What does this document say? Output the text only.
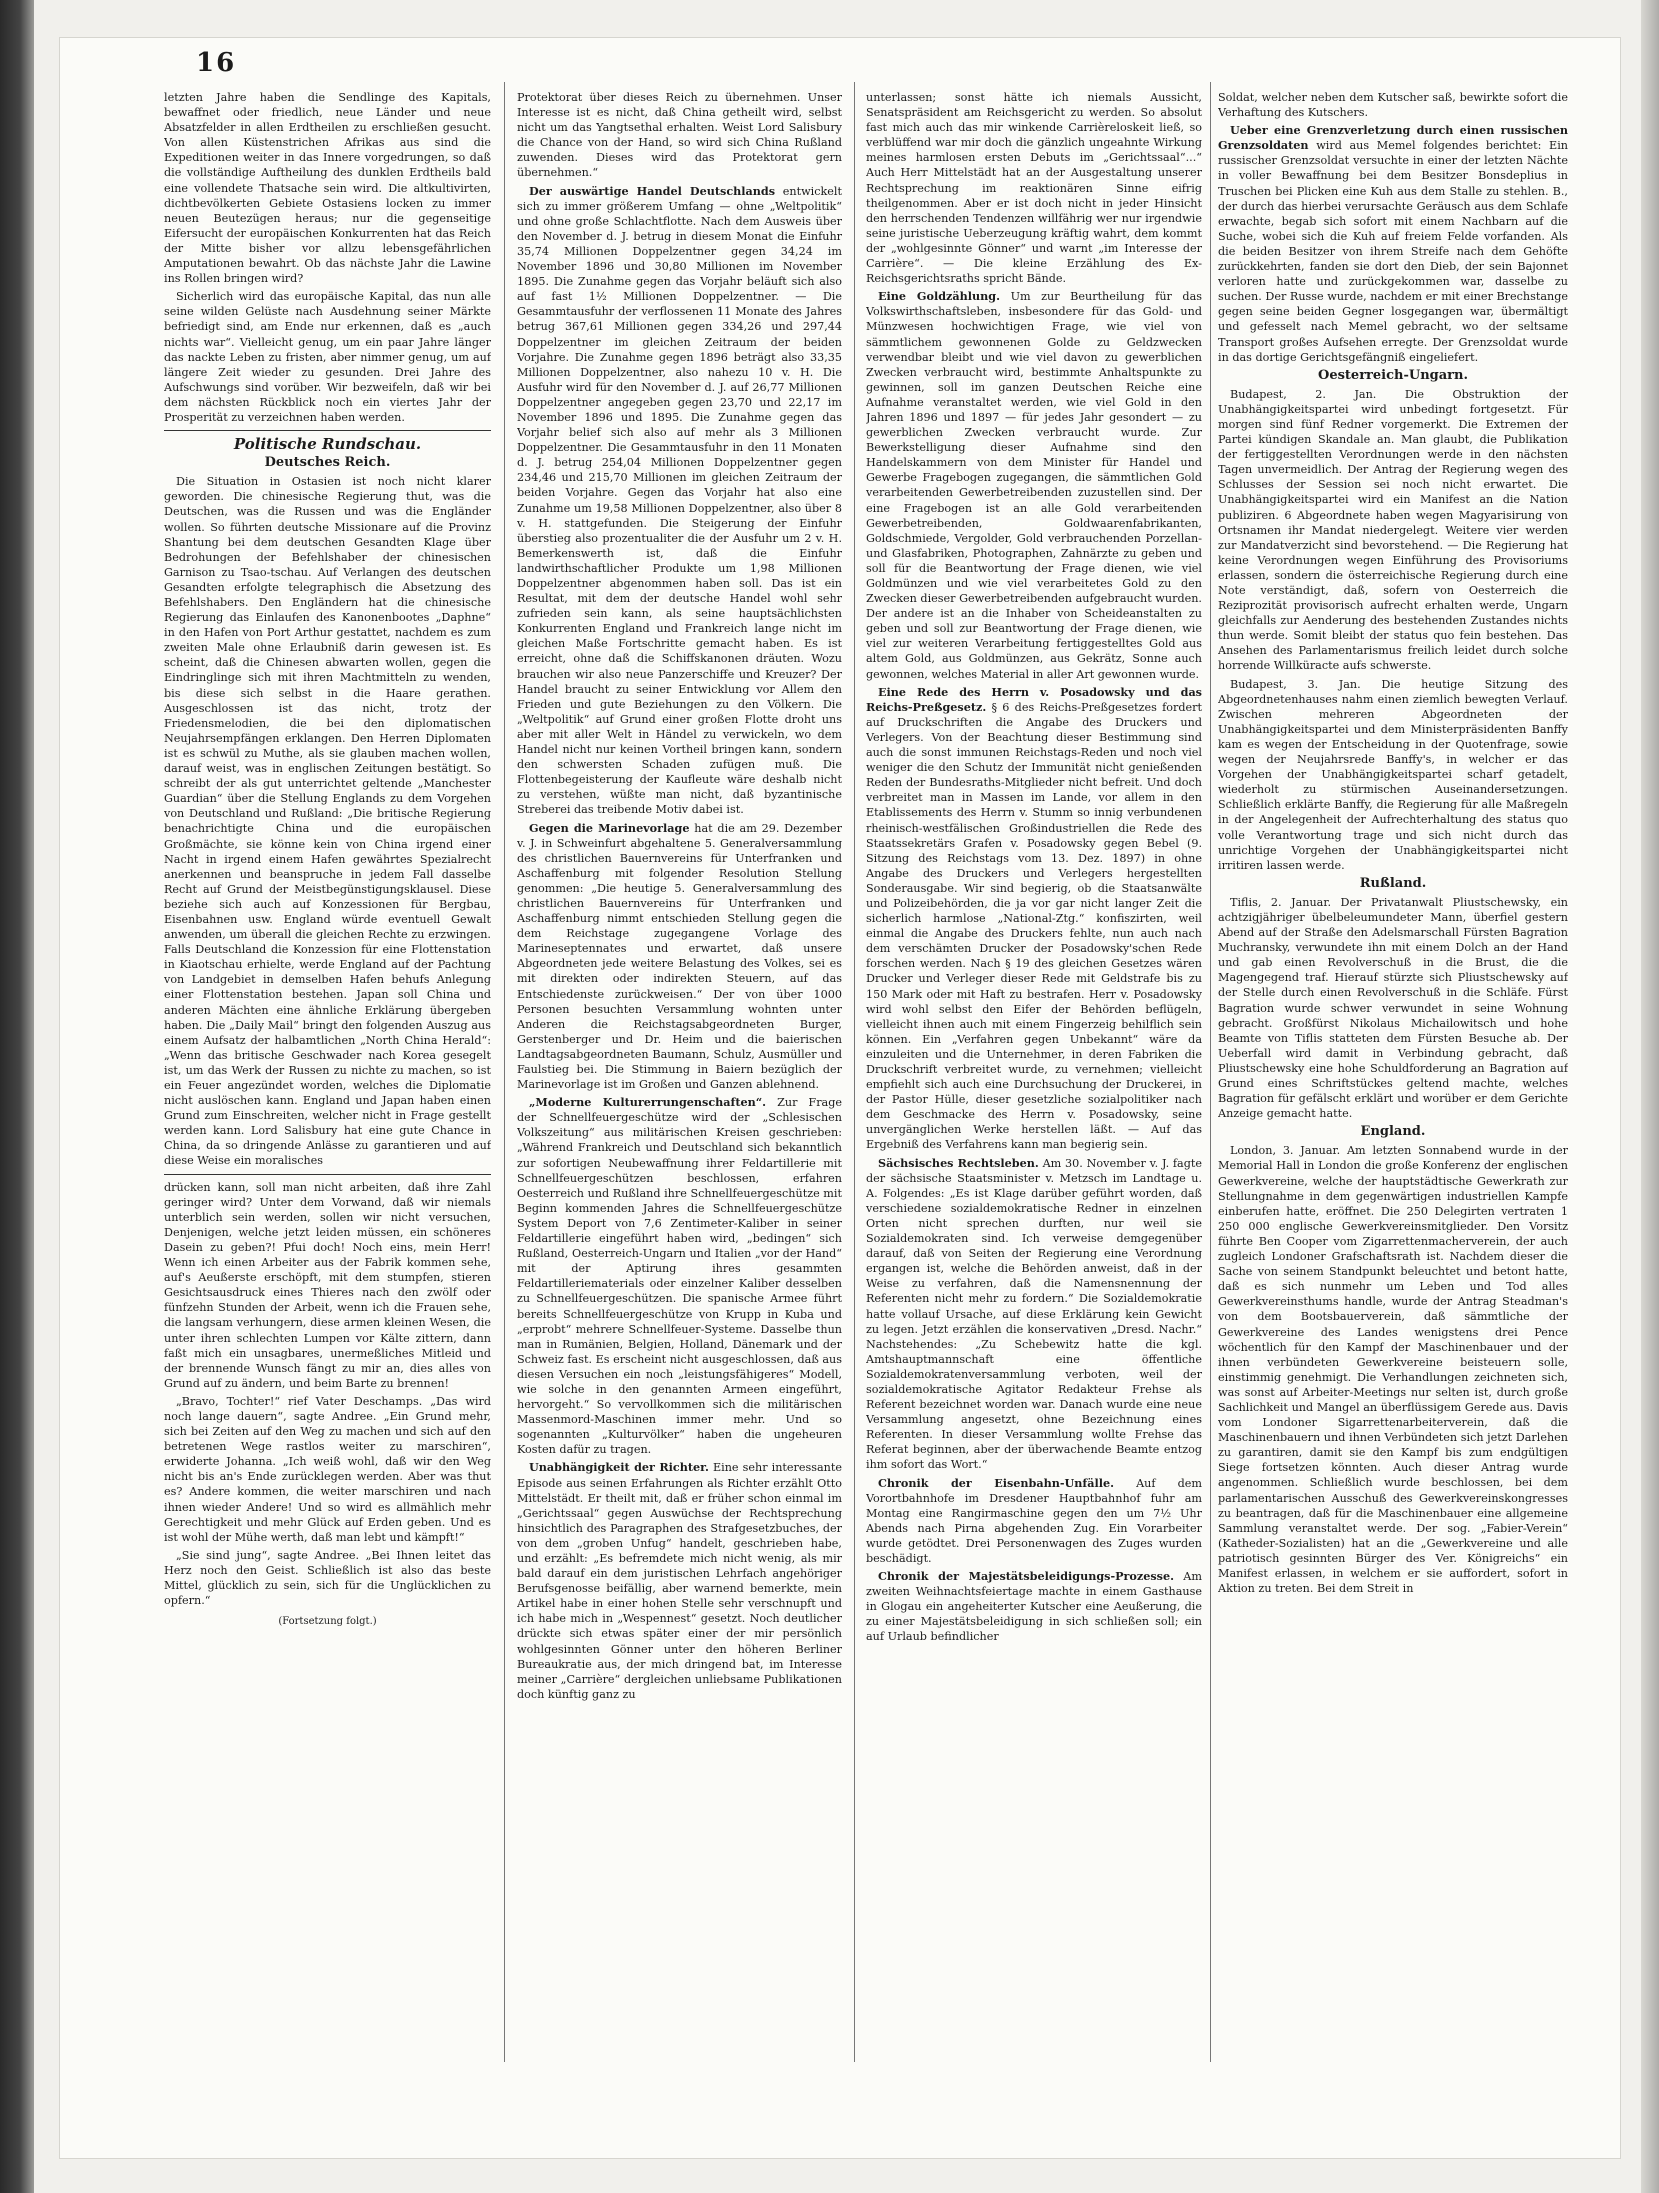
16

letzten Jahre haben die Sendlinge des Kapitals, bewaffnet oder friedlich, neue Länder und neue Absatzfelder in allen Erdtheilen zu erschließen gesucht. Von allen Küstenstrichen Afrikas aus sind die Expeditionen weiter in das Innere vorgedrungen, so daß die vollständige Auftheilung des dunklen Erdtheils bald eine vollendete Thatsache sein wird. Die altkultivirten, dichtbevölkerten Gebiete Ostasiens locken zu immer neuen Beutezügen heraus; nur die gegenseitige Eifersucht der europäischen Konkurrenten hat das Reich der Mitte bisher vor allzu lebensgefährlichen Amputationen bewahrt. Ob das nächste Jahr die Lawine ins Rollen bringen wird?

Sicherlich wird das europäische Kapital, das nun alle seine wilden Gelüste nach Ausdehnung seiner Märkte befriedigt sind, am Ende nur erkennen, daß es „auch nichts war“. Vielleicht genug, um ein paar Jahre länger das nackte Leben zu fristen, aber nimmer genug, um auf längere Zeit wieder zu gesunden. Drei Jahre des Aufschwungs sind vorüber. Wir bezweifeln, daß wir bei dem nächsten Rückblick noch ein viertes Jahr der Prosperität zu verzeichnen haben werden.

Politische Rundschau.
Deutsches Reich.

Die Situation in Ostasien ist noch nicht klarer geworden. Die chinesische Regierung thut, was die Deutschen, was die Russen und was die Engländer wollen. So führten deutsche Missionare auf die Provinz Shantung bei dem deutschen Gesandten Klage über Bedrohungen der Befehlshaber der chinesischen Garnison zu Tsao-tschau. Auf Verlangen des deutschen Gesandten erfolgte telegraphisch die Absetzung des Befehlshabers. Den Engländern hat die chinesische Regierung das Einlaufen des Kanonenbootes „Daphne“ in den Hafen von Port Arthur gestattet, nachdem es zum zweiten Male ohne Erlaubniß darin gewesen ist. Es scheint, daß die Chinesen abwarten wollen, gegen die Eindringlinge sich mit ihren Machtmitteln zu wenden, bis diese sich selbst in die Haare gerathen. Ausgeschlossen ist das nicht, trotz der Friedensmelodien, die bei den diplomatischen Neujahrsempfängen erklangen. Den Herren Diplomaten ist es schwül zu Muthe, als sie glauben machen wollen, darauf weist, was in englischen Zeitungen bestätigt. So schreibt der als gut unterrichtet geltende „Manchester Guardian“ über die Stellung Englands zu dem Vorgehen von Deutschland und Rußland: „Die britische Regierung benachrichtigte China und die europäischen Großmächte, sie könne kein von China irgend einer Nacht in irgend einem Hafen gewährtes Spezialrecht anerkennen und beanspruche in jedem Fall dasselbe Recht auf Grund der Meistbegünstigungsklausel. Diese beziehe sich auch auf Konzessionen für Bergbau, Eisenbahnen usw. England würde eventuell Gewalt anwenden, um überall die gleichen Rechte zu erzwingen. Falls Deutschland die Konzession für eine Flottenstation in Kiaotschau erhielte, werde England auf der Pachtung von Landgebiet in demselben Hafen behufs Anlegung einer Flottenstation bestehen. Japan soll China und anderen Mächten eine ähnliche Erklärung übergeben haben. Die „Daily Mail“ bringt den folgenden Auszug aus einem Aufsatz der halbamtlichen „North China Herald“: „Wenn das britische Geschwader nach Korea gesegelt ist, um das Werk der Russen zu nichte zu machen, so ist ein Feuer angezündet worden, welches die Diplomatie nicht auslöschen kann. England und Japan haben einen Grund zum Einschreiten, welcher nicht in Frage gestellt werden kann. Lord Salisbury hat eine gute Chance in China, da so dringende Anlässe zu garantieren und auf diese Weise ein moralisches

drücken kann, soll man nicht arbeiten, daß ihre Zahl geringer wird? Unter dem Vorwand, daß wir niemals unterblich sein werden, sollen wir nicht versuchen, Denjenigen, welche jetzt leiden müssen, ein schöneres Dasein zu geben?! Pfui doch! Noch eins, mein Herr! Wenn ich einen Arbeiter aus der Fabrik kommen sehe, auf's Aeußerste erschöpft, mit dem stumpfen, stieren Gesichtsausdruck eines Thieres nach den zwölf oder fünfzehn Stunden der Arbeit, wenn ich die Frauen sehe, die langsam verhungern, diese armen kleinen Wesen, die unter ihren schlechten Lumpen vor Kälte zittern, dann faßt mich ein unsagbares, unermeßliches Mitleid und der brennende Wunsch fängt zu mir an, dies alles von Grund auf zu ändern, und beim Barte zu brennen!

„Bravo, Tochter!“ rief Vater Deschamps. „Das wird noch lange dauern“, sagte Andree. „Ein Grund mehr, sich bei Zeiten auf den Weg zu machen und sich auf den betretenen Wege rastlos weiter zu marschiren“, erwiderte Johanna. „Ich weiß wohl, daß wir den Weg nicht bis an's Ende zurücklegen werden. Aber was thut es? Andere kommen, die weiter marschiren und nach ihnen wieder Andere! Und so wird es allmählich mehr Gerechtigkeit und mehr Glück auf Erden geben. Und es ist wohl der Mühe werth, daß man lebt und kämpft!“

„Sie sind jung“, sagte Andree. „Bei Ihnen leitet das Herz noch den Geist. Schließlich ist also das beste Mittel, glücklich zu sein, sich für die Unglücklichen zu opfern.“

(Fortsetzung folgt.)

Protektorat über dieses Reich zu übernehmen. Unser Interesse ist es nicht, daß China getheilt wird, selbst nicht um das Yangtsethal erhalten. Weist Lord Salisbury die Chance von der Hand, so wird sich China Rußland zuwenden. Dieses wird das Protektorat gern übernehmen.“

Der auswärtige Handel Deutschlands entwickelt sich zu immer größerem Umfang — ohne „Weltpolitik“ und ohne große Schlachtflotte. Nach dem Ausweis über den November d. J. betrug in diesem Monat die Einfuhr 35,74 Millionen Doppelzentner gegen 34,24 im November 1896 und 30,80 Millionen im November 1895. Die Zunahme gegen das Vorjahr beläuft sich also auf fast 1½ Millionen Doppelzentner. — Die Gesammtausfuhr der verflossenen 11 Monate des Jahres betrug 367,61 Millionen gegen 334,26 und 297,44 Doppelzentner im gleichen Zeitraum der beiden Vorjahre. Die Zunahme gegen 1896 beträgt also 33,35 Millionen Doppelzentner, also nahezu 10 v. H. Die Ausfuhr wird für den November d. J. auf 26,77 Millionen Doppelzentner angegeben gegen 23,70 und 22,17 im November 1896 und 1895. Die Zunahme gegen das Vorjahr belief sich also auf mehr als 3 Millionen Doppelzentner. Die Gesammtausfuhr in den 11 Monaten d. J. betrug 254,04 Millionen Doppelzentner gegen 234,46 und 215,70 Millionen im gleichen Zeitraum der beiden Vorjahre. Gegen das Vorjahr hat also eine Zunahme um 19,58 Millionen Doppelzentner, also über 8 v. H. stattgefunden. Die Steigerung der Einfuhr überstieg also prozentualiter die der Ausfuhr um 2 v. H. Bemerkenswerth ist, daß die Einfuhr landwirthschaftlicher Produkte um 1,98 Millionen Doppelzentner abgenommen haben soll. Das ist ein Resultat, mit dem der deutsche Handel wohl sehr zufrieden sein kann, als seine hauptsächlichsten Konkurrenten England und Frankreich lange nicht im gleichen Maße Fortschritte gemacht haben. Es ist erreicht, ohne daß die Schiffskanonen dräuten. Wozu brauchen wir also neue Panzerschiffe und Kreuzer? Der Handel braucht zu seiner Entwicklung vor Allem den Frieden und gute Beziehungen zu den Völkern. Die „Weltpolitik“ auf Grund einer großen Flotte droht uns aber mit aller Welt in Händel zu verwickeln, wo dem Handel nicht nur keinen Vortheil bringen kann, sondern den schwersten Schaden zufügen muß. Die Flottenbegeisterung der Kaufleute wäre deshalb nicht zu verstehen, wüßte man nicht, daß byzantinische Streberei das treibende Motiv dabei ist.

Gegen die Marinevorlage hat die am 29. Dezember v. J. in Schweinfurt abgehaltene 5. Generalversammlung des christlichen Bauernvereins für Unterfranken und Aschaffenburg mit folgender Resolution Stellung genommen: „Die heutige 5. Generalversammlung des christlichen Bauernvereins für Unterfranken und Aschaffenburg nimmt entschieden Stellung gegen die dem Reichstage zugegangene Vorlage des Marineseptennates und erwartet, daß unsere Abgeordneten jede weitere Belastung des Volkes, sei es mit direkten oder indirekten Steuern, auf das Entschiedenste zurückweisen.“ Der von über 1000 Personen besuchten Versammlung wohnten unter Anderen die Reichstagsabgeordneten Burger, Gerstenberger und Dr. Heim und die baierischen Landtagsabgeordneten Baumann, Schulz, Ausmüller und Faulstieg bei. Die Stimmung in Baiern bezüglich der Marinevorlage ist im Großen und Ganzen ablehnend.

„Moderne Kulturerrungenschaften“. Zur Frage der Schnellfeuergeschütze wird der „Schlesischen Volkszeitung“ aus militärischen Kreisen geschrieben: „Während Frankreich und Deutschland sich bekanntlich zur sofortigen Neubewaffnung ihrer Feldartillerie mit Schnellfeuergeschützen beschlossen, erfahren Oesterreich und Rußland ihre Schnellfeuergeschütze mit Beginn kommenden Jahres die Schnellfeuergeschütze System Deport von 7,6 Zentimeter-Kaliber in seiner Feldartillerie eingeführt haben wird, „bedingen“ sich Rußland, Oesterreich-Ungarn und Italien „vor der Hand“ mit der Aptirung ihres gesammten Feldartilleriematerials oder einzelner Kaliber desselben zu Schnellfeuergeschützen. Die spanische Armee führt bereits Schnellfeuergeschütze von Krupp in Kuba und „erprobt“ mehrere Schnellfeuer-Systeme. Dasselbe thun man in Rumänien, Belgien, Holland, Dänemark und der Schweiz fast. Es erscheint nicht ausgeschlossen, daß aus diesen Versuchen ein noch „leistungsfähigeres“ Modell, wie solche in den genannten Armeen eingeführt, hervorgeht.“ So vervollkommen sich die militärischen Massenmord-Maschinen immer mehr. Und so sogenannten „Kulturvölker“ haben die ungeheuren Kosten dafür zu tragen.

Unabhängigkeit der Richter. Eine sehr interessante Episode aus seinen Erfahrungen als Richter erzählt Otto Mittelstädt. Er theilt mit, daß er früher schon einmal im „Gerichtssaal“ gegen Auswüchse der Rechtsprechung hinsichtlich des Paragraphen des Strafgesetzbuches, der von dem „groben Unfug“ handelt, geschrieben habe, und erzählt: „Es befremdete mich nicht wenig, als mir bald darauf ein dem juristischen Lehrfach angehöriger Berufsgenosse beifällig, aber warnend bemerkte, mein Artikel habe in einer hohen Stelle sehr verschnupft und ich habe mich in „Wespennest“ gesetzt. Noch deutlicher drückte sich etwas später einer der mir persönlich wohlgesinnten Gönner unter den höheren Berliner Bureaukratie aus, der mich dringend bat, im Interesse meiner „Carrière“ dergleichen unliebsame Publikationen doch künftig ganz zu

unterlassen; sonst hätte ich niemals Aussicht, Senatspräsident am Reichsgericht zu werden. So absolut fast mich auch das mir winkende Carrièreloskeit ließ, so verblüffend war mir doch die gänzlich ungeahnte Wirkung meines harmlosen ersten Debuts im „Gerichtssaal“...“ Auch Herr Mittelstädt hat an der Ausgestaltung unserer Rechtsprechung im reaktionären Sinne eifrig theilgenommen. Aber er ist doch nicht in jeder Hinsicht den herrschenden Tendenzen willfährig wer nur irgendwie seine juristische Ueberzeugung kräftig wahrt, dem kommt der „wohlgesinnte Gönner“ und warnt „im Interesse der Carrière“. — Die kleine Erzählung des Ex-Reichsgerichtsraths spricht Bände.

Eine Goldzählung. Um zur Beurtheilung für das Volkswirthschaftsleben, insbesondere für das Gold- und Münzwesen hochwichtigen Frage, wie viel von sämmtlichem gewonnenen Golde zu Geldzwecken verwendbar bleibt und wie viel davon zu gewerblichen Zwecken verbraucht wird, bestimmte Anhaltspunkte zu gewinnen, soll im ganzen Deutschen Reiche eine Aufnahme veranstaltet werden, wie viel Gold in den Jahren 1896 und 1897 — für jedes Jahr gesondert — zu gewerblichen Zwecken verbraucht wurde. Zur Bewerkstelligung dieser Aufnahme sind den Handelskammern von dem Minister für Handel und Gewerbe Fragebogen zugegangen, die sämmtlichen Gold verarbeitenden Gewerbetreibenden zuzustellen sind. Der eine Fragebogen ist an alle Gold verarbeitenden Gewerbetreibenden, Goldwaarenfabrikanten, Goldschmiede, Vergolder, Gold verbrauchenden Porzellan- und Glasfabriken, Photographen, Zahnärzte zu geben und soll für die Beantwortung der Frage dienen, wie viel Goldmünzen und wie viel verarbeitetes Gold zu den Zwecken dieser Gewerbetreibenden aufgebraucht wurden. Der andere ist an die Inhaber von Scheideanstalten zu geben und soll zur Beantwortung der Frage dienen, wie viel zur weiteren Verarbeitung fertiggestelltes Gold aus altem Gold, aus Goldmünzen, aus Gekrätz, Sonne auch gewonnen, welches Material in aller Art gewonnen wurde.

Eine Rede des Herrn v. Posadowsky und das Reichs-Preßgesetz. § 6 des Reichs-Preßgesetzes fordert auf Druckschriften die Angabe des Druckers und Verlegers. Von der Beachtung dieser Bestimmung sind auch die sonst immunen Reichstags-Reden und noch viel weniger die den Schutz der Immunität nicht genießenden Reden der Bundesraths-Mitglieder nicht befreit. Und doch verbreitet man in Massen im Lande, vor allem in den Etablissements des Herrn v. Stumm so innig verbundenen rheinisch-westfälischen Großindustriellen die Rede des Staatssekretärs Grafen v. Posadowsky gegen Bebel (9. Sitzung des Reichstags vom 13. Dez. 1897) in ohne Angabe des Druckers und Verlegers hergestellten Sonderausgabe. Wir sind begierig, ob die Staatsanwälte und Polizeibehörden, die ja vor gar nicht langer Zeit die sicherlich harmlose „National-Ztg.“ konfiszirten, weil einmal die Angabe des Druckers fehlte, nun auch nach dem verschämten Drucker der Posadowsky'schen Rede forschen werden. Nach § 19 des gleichen Gesetzes wären Drucker und Verleger dieser Rede mit Geldstrafe bis zu 150 Mark oder mit Haft zu bestrafen. Herr v. Posadowsky wird wohl selbst den Eifer der Behörden beflügeln, vielleicht ihnen auch mit einem Fingerzeig behilflich sein können. Ein „Verfahren gegen Unbekannt“ wäre da einzuleiten und die Unternehmer, in deren Fabriken die Druckschrift verbreitet wurde, zu vernehmen; vielleicht empfiehlt sich auch eine Durchsuchung der Druckerei, in der Pastor Hülle, dieser gesetzliche sozialpolitiker nach dem Geschmacke des Herrn v. Posadowsky, seine unvergänglichen Werke herstellen läßt. — Auf das Ergebniß des Verfahrens kann man begierig sein.

Sächsisches Rechtsleben. Am 30. November v. J. fagte der sächsische Staatsminister v. Metzsch im Landtage u. A. Folgendes: „Es ist Klage darüber geführt worden, daß verschiedene sozialdemokratische Redner in einzelnen Orten nicht sprechen durften, nur weil sie Sozialdemokraten sind. Ich verweise demgegenüber darauf, daß von Seiten der Regierung eine Verordnung ergangen ist, welche die Behörden anweist, daß in der Weise zu verfahren, daß die Namensnennung der Referenten nicht mehr zu fordern.“ Die Sozialdemokratie hatte vollauf Ursache, auf diese Erklärung kein Gewicht zu legen. Jetzt erzählen die konservativen „Dresd. Nachr.“ Nachstehendes: „Zu Schebewitz hatte die kgl. Amtshauptmannschaft eine öffentliche Sozialdemokratenversammlung verboten, weil der sozialdemokratische Agitator Redakteur Frehse als Referent bezeichnet worden war. Danach wurde eine neue Versammlung angesetzt, ohne Bezeichnung eines Referenten. In dieser Versammlung wollte Frehse das Referat beginnen, aber der überwachende Beamte entzog ihm sofort das Wort.“

Chronik der Eisenbahn-Unfälle. Auf dem Vorortbahnhofe im Dresdener Hauptbahnhof fuhr am Montag eine Rangirmaschine gegen den um 7½ Uhr Abends nach Pirna abgehenden Zug. Ein Vorarbeiter wurde getödtet. Drei Personenwagen des Zuges wurden beschädigt.

Chronik der Majestätsbeleidigungs-Prozesse. Am zweiten Weihnachtsfeiertage machte in einem Gasthause in Glogau ein angeheiterter Kutscher eine Aeußerung, die zu einer Majestätsbeleidigung in sich schließen soll; ein auf Urlaub befindlicher

Soldat, welcher neben dem Kutscher saß, bewirkte sofort die Verhaftung des Kutschers.

Ueber eine Grenzverletzung durch einen russischen Grenzsoldaten wird aus Memel folgendes berichtet: Ein russischer Grenzsoldat versuchte in einer der letzten Nächte in voller Bewaffnung bei dem Besitzer Bonsdeplius in Truschen bei Plicken eine Kuh aus dem Stalle zu stehlen. B., der durch das hierbei verursachte Geräusch aus dem Schlafe erwachte, begab sich sofort mit einem Nachbarn auf die Suche, wobei sich die Kuh auf freiem Felde vorfanden. Als die beiden Besitzer von ihrem Streife nach dem Gehöfte zurückkehrten, fanden sie dort den Dieb, der sein Bajonnet verloren hatte und zurückgekommen war, dasselbe zu suchen. Der Russe wurde, nachdem er mit einer Brechstange gegen seine beiden Gegner losgegangen war, übermältigt und gefesselt nach Memel gebracht, wo der seltsame Transport großes Aufsehen erregte. Der Grenzsoldat wurde in das dortige Gerichtsgefängniß eingeliefert.

Oesterreich-Ungarn.

Budapest, 2. Jan. Die Obstruktion der Unabhängigkeitspartei wird unbedingt fortgesetzt. Für morgen sind fünf Redner vorgemerkt. Die Extremen der Partei kündigen Skandale an. Man glaubt, die Publikation der fertiggestellten Verordnungen werde in den nächsten Tagen unvermeidlich. Der Antrag der Regierung wegen des Schlusses der Session sei noch nicht erwartet. Die Unabhängigkeitspartei wird ein Manifest an die Nation publiziren. 6 Abgeordnete haben wegen Magyarisirung von Ortsnamen ihr Mandat niedergelegt. Weitere vier werden zur Mandatverzicht sind bevorstehend. — Die Regierung hat keine Verordnungen wegen Einführung des Provisoriums erlassen, sondern die österreichische Regierung durch eine Note verständigt, daß, sofern von Oesterreich die Reziprozität provisorisch aufrecht erhalten werde, Ungarn gleichfalls zur Aenderung des bestehenden Zustandes nichts thun werde. Somit bleibt der status quo fein bestehen. Das Ansehen des Parlamentarismus freilich leidet durch solche horrende Willküracte aufs schwerste.

Budapest, 3. Jan. Die heutige Sitzung des Abgeordnetenhauses nahm einen ziemlich bewegten Verlauf. Zwischen mehreren Abgeordneten der Unabhängigkeitspartei und dem Ministerpräsidenten Banffy kam es wegen der Entscheidung in der Quotenfrage, sowie wegen der Neujahrsrede Banffy's, in welcher er das Vorgehen der Unabhängigkeitspartei scharf getadelt, wiederholt zu stürmischen Auseinandersetzungen. Schließlich erklärte Banffy, die Regierung für alle Maßregeln in der Angelegenheit der Aufrechterhaltung des status quo volle Verantwortung trage und sich nicht durch das unrichtige Vorgehen der Unabhängigkeitspartei nicht irritiren lassen werde.

Rußland.

Tiflis, 2. Januar. Der Privatanwalt Pliustschewsky, ein achtzigjähriger übelbeleumundeter Mann, überfiel gestern Abend auf der Straße den Adelsmarschall Fürsten Bagration Muchransky, verwundete ihn mit einem Dolch an der Hand und gab einen Revolverschuß in die Brust, die die Magengegend traf. Hierauf stürzte sich Pliustschewsky auf der Stelle durch einen Revolverschuß in die Schläfe. Fürst Bagration wurde schwer verwundet in seine Wohnung gebracht. Großfürst Nikolaus Michailowitsch und hohe Beamte von Tiflis statteten dem Fürsten Besuche ab. Der Ueberfall wird damit in Verbindung gebracht, daß Pliustschewsky eine hohe Schuldforderung an Bagration auf Grund eines Schriftstückes geltend machte, welches Bagration für gefälscht erklärt und worüber er dem Gerichte Anzeige gemacht hatte.

England.

London, 3. Januar. Am letzten Sonnabend wurde in der Memorial Hall in London die große Konferenz der englischen Gewerkvereine, welche der hauptstädtische Gewerkrath zur Stellungnahme in dem gegenwärtigen industriellen Kampfe einberufen hatte, eröffnet. Die 250 Delegirten vertraten 1 250 000 englische Gewerkvereinsmitglieder. Den Vorsitz führte Ben Cooper vom Zigarrettenmacherverein, der auch zugleich Londoner Grafschaftsrath ist. Nachdem dieser die Sache von seinem Standpunkt beleuchtet und betont hatte, daß es sich nunmehr um Leben und Tod alles Gewerkvereinsthums handle, wurde der Antrag Steadman's von dem Bootsbauerverein, daß sämmtliche der Gewerkvereine des Landes wenigstens drei Pence wöchentlich für den Kampf der Maschinenbauer und der ihnen verbündeten Gewerkvereine beisteuern solle, einstimmig genehmigt. Die Verhandlungen zeichneten sich, was sonst auf Arbeiter-Meetings nur selten ist, durch große Sachlichkeit und Mangel an überflüssigem Gerede aus. Davis vom Londoner Sigarrettenarbeiterverein, daß die Maschinenbauern und ihnen Verbündeten sich jetzt Darlehen zu garantiren, damit sie den Kampf bis zum endgültigen Siege fortsetzen könnten. Auch dieser Antrag wurde angenommen. Schließlich wurde beschlossen, bei dem parlamentarischen Ausschuß des Gewerkvereinskongresses zu beantragen, daß für die Maschinenbauer eine allgemeine Sammlung veranstaltet werde. Der sog. „Fabier-Verein“ (Katheder-Sozialisten) hat an die „Gewerkvereine und alle patriotisch gesinnten Bürger des Ver. Königreichs“ ein Manifest erlassen, in welchem er sie auffordert, sofort in Aktion zu treten. Bei dem Streit in
